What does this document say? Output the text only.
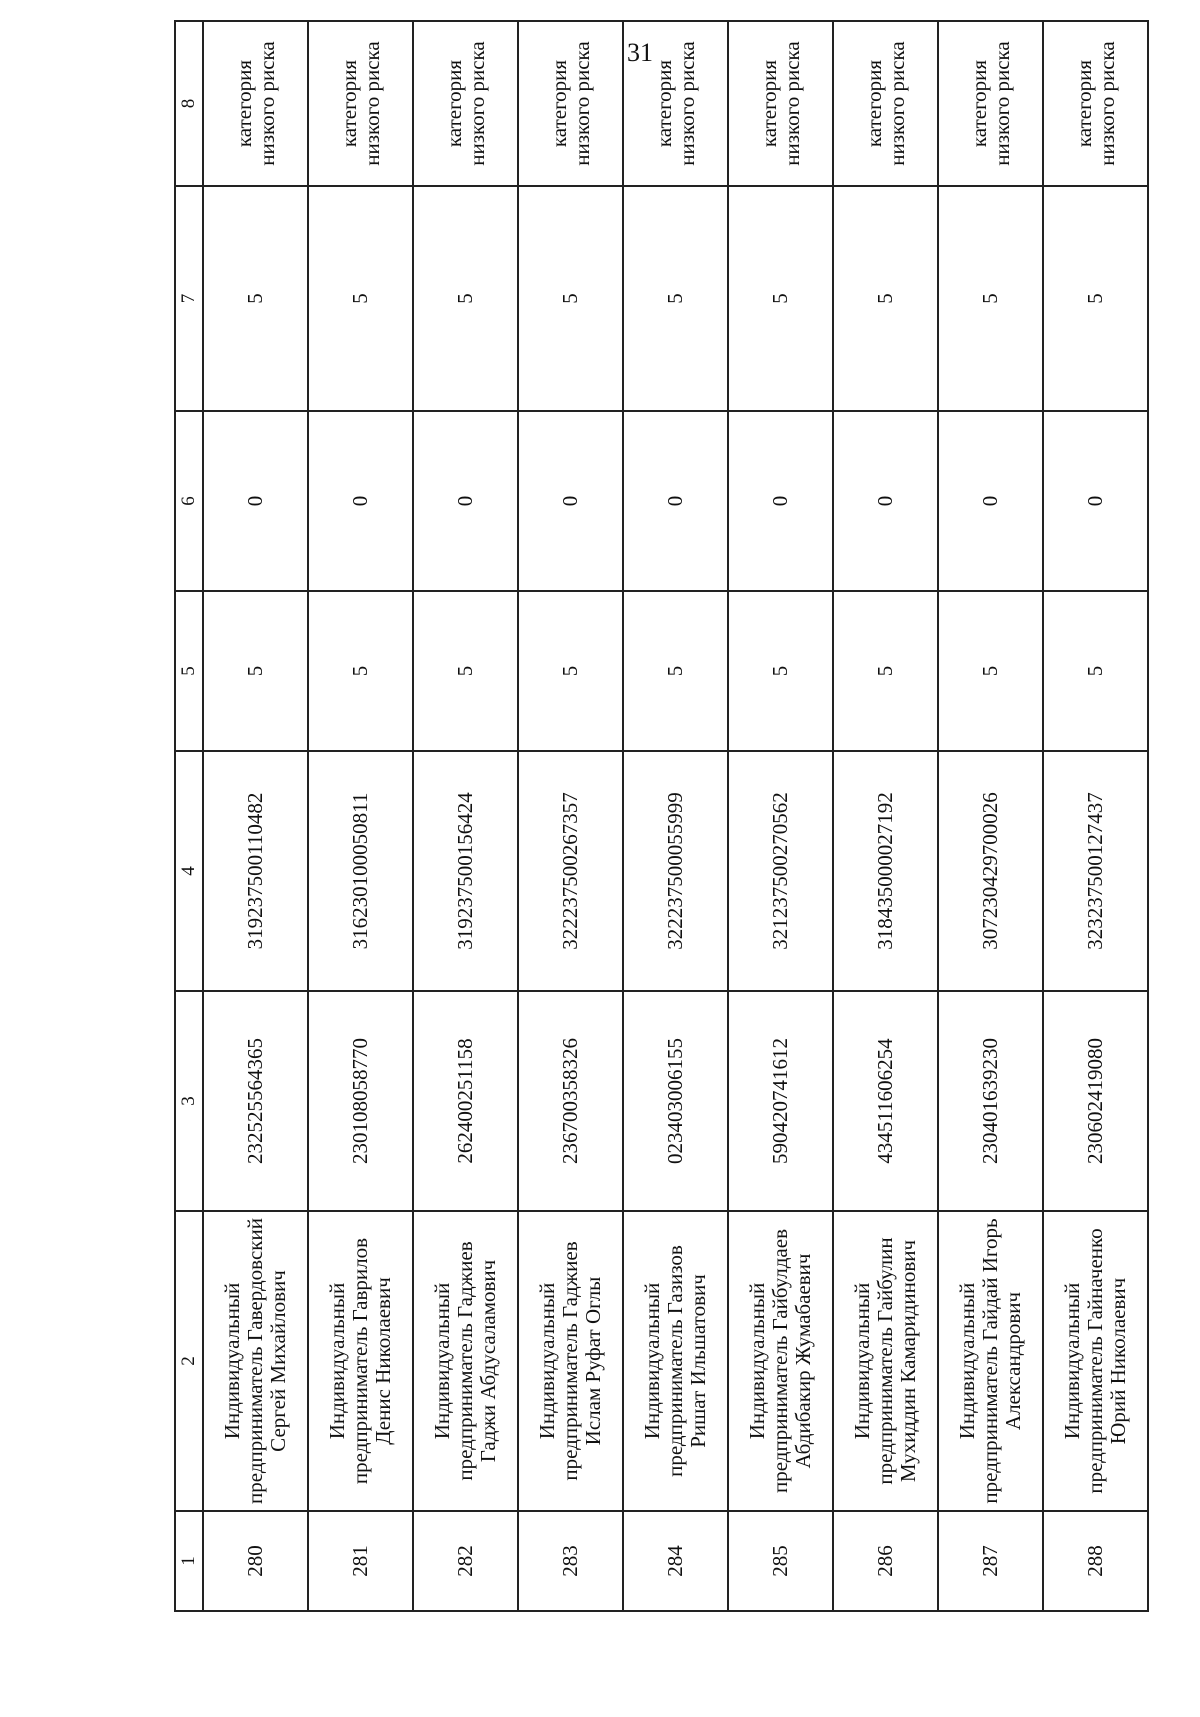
31
1	2	3	4	5	6	7	8
280	Индивидуальный предприниматель Гавердовский Сергей Михайлович	232525564365	319237500110482	5	0	5	категория низкого риска
281	Индивидуальный предприниматель Гаврилов Денис Николаевич	230108058770	316230100050811	5	0	5	категория низкого риска
282	Индивидуальный предприниматель Гаджиев Гаджи Абдусаламович	262400251158	319237500156424	5	0	5	категория низкого риска
283	Индивидуальный предприниматель Гаджиев Ислам Руфат Оглы	236700358326	322237500267357	5	0	5	категория низкого риска
284	Индивидуальный предприниматель Газизов Ришат Ильшатович	023403006155	322237500055999	5	0	5	категория низкого риска
285	Индивидуальный предприниматель Гайбулдаев Абдибакир Жумабаевич	590420741612	321237500270562	5	0	5	категория низкого риска
286	Индивидуальный предприниматель Гайбулин Мухиддин Камаридинович	434511606254	318435000027192	5	0	5	категория низкого риска
287	Индивидуальный предприниматель Гайдай Игорь Александрович	230401639230	307230429700026	5	0	5	категория низкого риска
288	Индивидуальный предприниматель Гайначенко Юрий Николаевич	230602419080	323237500127437	5	0	5	категория низкого риска
